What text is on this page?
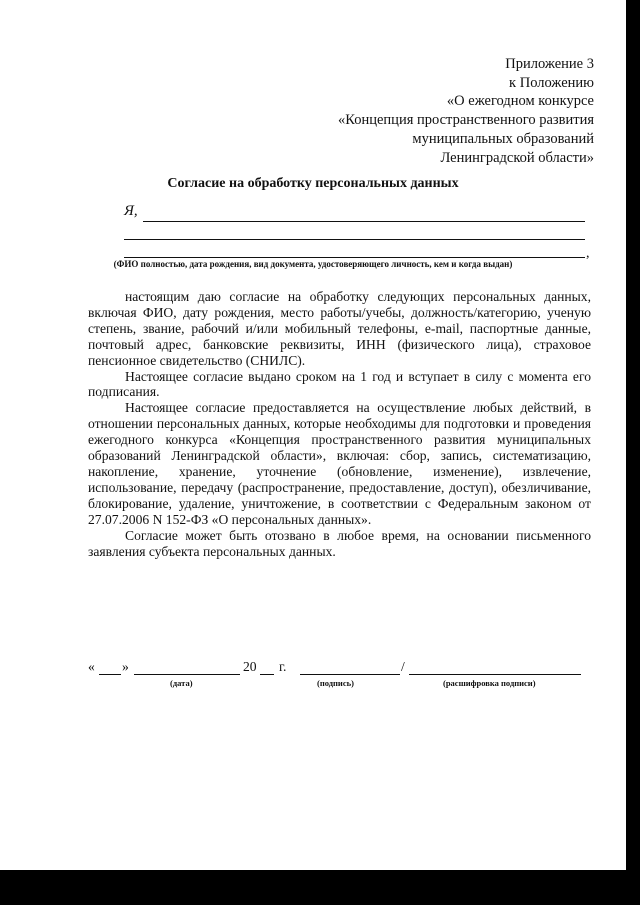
Приложение 3
к Положению
«О ежегодном конкурсе
«Концепция пространственного развития
муниципальных образований
Ленинградской области»
Согласие на обработку персональных данных
Я,
,
(ФИО полностью, дата рождения, вид документа, удостоверяющего личность, кем и когда выдан)

настоящим даю согласие на обработку следующих персональных данных, включая ФИО, дату рождения, место работы/учебы, должность/категорию, ученую степень, звание, рабочий и/или мобильный телефоны, e-mail, паспортные данные, почтовый адрес, банковские реквизиты, ИНН (физического лица), страховое пенсионное свидетельство (СНИЛС).

Настоящее согласие выдано сроком на 1 год и вступает в силу с момента его подписания.

Настоящее согласие предоставляется на осуществление любых действий, в отношении персональных данных, которые необходимы для подготовки и проведения ежегодного конкурса «Концепция пространственного развития муниципальных образований Ленинградской области», включая: сбор, запись, систематизацию, накопление, хранение, уточнение (обновление, изменение), извлечение, использование, передачу (распространение, предоставление, доступ), обезличивание, блокирование, удаление, уничтожение, в соответствии с Федеральным законом от 27.07.2006 N 152-ФЗ «О персональных данных».

Согласие может быть отозвано в любое время, на основании письменного заявления субъекта персональных данных.

« »	20 г.	/
(дата)	(подпись)	(расшифровка подписи)
